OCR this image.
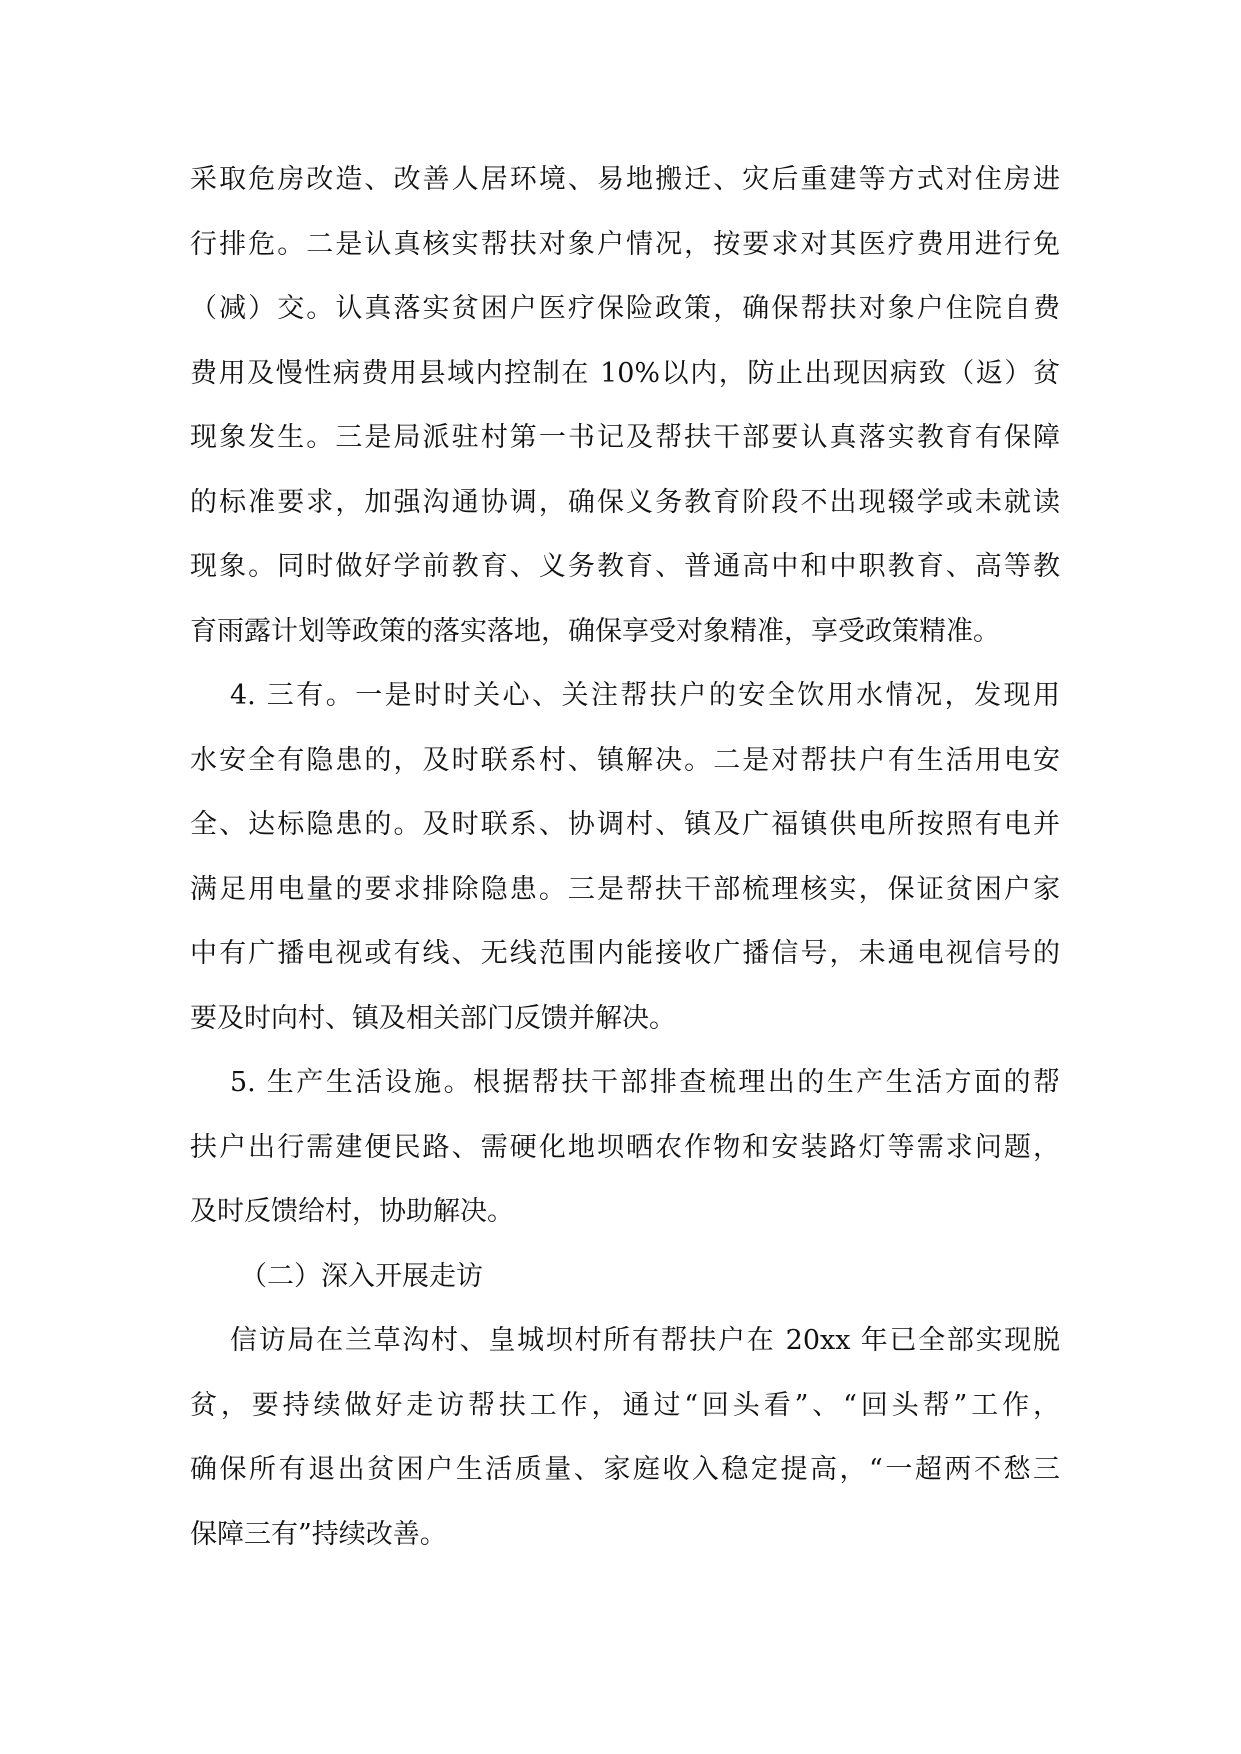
采取危房改造、改善人居环境、易地搬迁、灾后重建等方式对住房进
行排危。二是认真核实帮扶对象户情况，按要求对其医疗费用进行免
（减）交。认真落实贫困户医疗保险政策，确保帮扶对象户住院自费
费用及慢性病费用县域内控制在 10%以内，防止出现因病致（返）贫
现象发生。三是局派驻村第一书记及帮扶干部要认真落实教育有保障
的标准要求，加强沟通协调，确保义务教育阶段不出现辍学或未就读
现象。同时做好学前教育、义务教育、普通高中和中职教育、高等教
育雨露计划等政策的落实落地，确保享受对象精准，享受政策精准。
4. 三有。一是时时关心、关注帮扶户的安全饮用水情况，发现用
水安全有隐患的，及时联系村、镇解决。二是对帮扶户有生活用电安
全、达标隐患的。及时联系、协调村、镇及广福镇供电所按照有电并
满足用电量的要求排除隐患。三是帮扶干部梳理核实，保证贫困户家
中有广播电视或有线、无线范围内能接收广播信号，未通电视信号的
要及时向村、镇及相关部门反馈并解决。
5. 生产生活设施。根据帮扶干部排查梳理出的生产生活方面的帮
扶户出行需建便民路、需硬化地坝晒农作物和安装路灯等需求问题，
及时反馈给村，协助解决。
（二）深入开展走访
信访局在兰草沟村、皇城坝村所有帮扶户在 20xx 年已全部实现脱
贫，要持续做好走访帮扶工作，通过“回头看”、“回头帮”工作，
确保所有退出贫困户生活质量、家庭收入稳定提高，“一超两不愁三
保障三有”持续改善。
